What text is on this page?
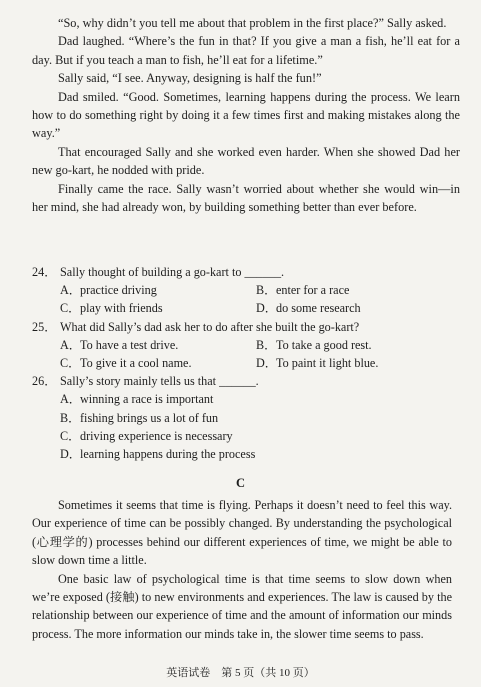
“So, why didn’t you tell me about that problem in the first place?” Sally asked.

Dad laughed. “Where’s the fun in that? If you give a man a fish, he’ll eat for a day. But if you teach a man to fish, he’ll eat for a lifetime.”

Sally said, “I see. Anyway, designing is half the fun!”

Dad smiled. “Good. Sometimes, learning happens during the process. We learn how to do something right by doing it a few times first and making mistakes along the way.”

That encouraged Sally and she worked even harder. When she showed Dad her new go-kart, he nodded with pride.

Finally came the race. Sally wasn’t worried about whether she would win—in her mind, she had already won, by building something better than ever before.

24． Sally thought of building a go-kart to ______.
A． practice driving	B． enter for a race
C． play with friends	D． do some research
25． What did Sally’s dad ask her to do after she built the go-kart?
A． To have a test drive.	B． To take a good rest.
C． To give it a cool name.	D． To paint it light blue.
26． Sally’s story mainly tells us that ______.
A． winning a race is important
B． fishing brings us a lot of fun
C． driving experience is necessary
D． learning happens during the process
C

Sometimes it seems that time is flying. Perhaps it doesn’t need to feel this way. Our experience of time can be possibly changed. By understanding the psychological (心理学的) processes behind our different experiences of time, we might be able to slow down time a little.

One basic law of psychological time is that time seems to slow down when we’re exposed (接触) to new environments and experiences. The law is caused by the relationship between our experience of time and the amount of information our minds process. The more information our minds take in, the slower time seems to pass.

英语试卷　第 5 页（共 10 页）
